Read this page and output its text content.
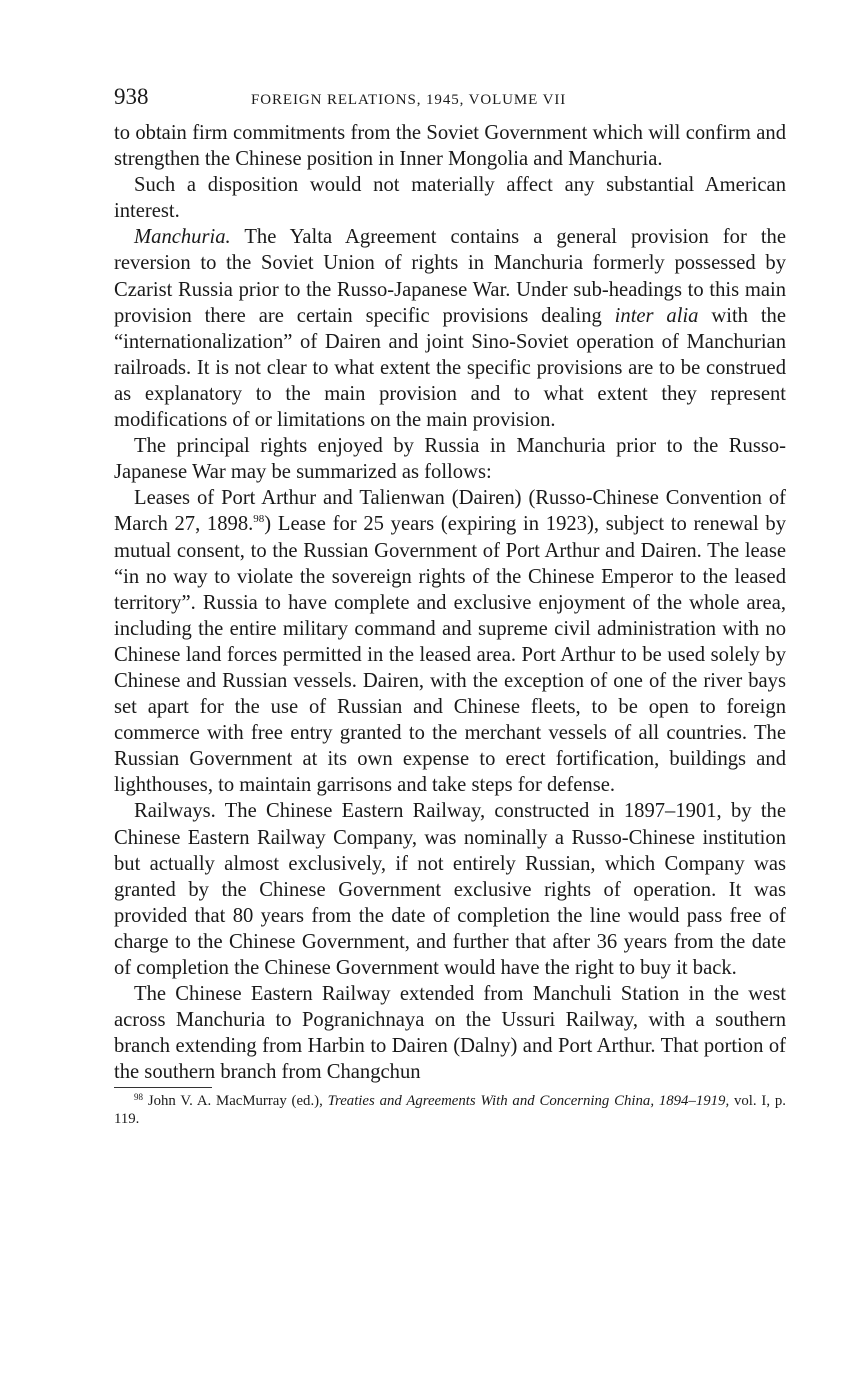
938	FOREIGN RELATIONS, 1945, VOLUME VII

to obtain firm commitments from the Soviet Government which will confirm and strengthen the Chinese position in Inner Mongolia and Manchuria.

Such a disposition would not materially affect any substantial American interest.

Manchuria. The Yalta Agreement contains a general provision for the reversion to the Soviet Union of rights in Manchuria formerly possessed by Czarist Russia prior to the Russo-Japanese War. Under sub-headings to this main provision there are certain specific provisions dealing inter alia with the “internationalization” of Dairen and joint Sino-Soviet operation of Manchurian railroads. It is not clear to what extent the specific provisions are to be construed as explanatory to the main provision and to what extent they represent modifications of or limitations on the main provision.

The principal rights enjoyed by Russia in Manchuria prior to the Russo-Japanese War may be summarized as follows:

Leases of Port Arthur and Talienwan (Dairen) (Russo-Chinese Convention of March 27, 1898.98) Lease for 25 years (expiring in 1923), subject to renewal by mutual consent, to the Russian Government of Port Arthur and Dairen. The lease “in no way to violate the sovereign rights of the Chinese Emperor to the leased territory”. Russia to have complete and exclusive enjoyment of the whole area, including the entire military command and supreme civil administration with no Chinese land forces permitted in the leased area. Port Arthur to be used solely by Chinese and Russian vessels. Dairen, with the exception of one of the river bays set apart for the use of Russian and Chinese fleets, to be open to foreign commerce with free entry granted to the merchant vessels of all countries. The Russian Government at its own expense to erect fortification, buildings and lighthouses, to maintain garrisons and take steps for defense.

Railways. The Chinese Eastern Railway, constructed in 1897–1901, by the Chinese Eastern Railway Company, was nominally a Russo-Chinese institution but actually almost exclusively, if not entirely Russian, which Company was granted by the Chinese Government exclusive rights of operation. It was provided that 80 years from the date of completion the line would pass free of charge to the Chinese Government, and further that after 36 years from the date of completion the Chinese Government would have the right to buy it back.

The Chinese Eastern Railway extended from Manchuli Station in the west across Manchuria to Pogranichnaya on the Ussuri Railway, with a southern branch extending from Harbin to Dairen (Dalny) and Port Arthur. That portion of the southern branch from Changchun

$^{98}$ John V. A. MacMurray (ed.), Treaties and Agreements With and Concerning China, 1894–1919, vol. I, p. 119.
